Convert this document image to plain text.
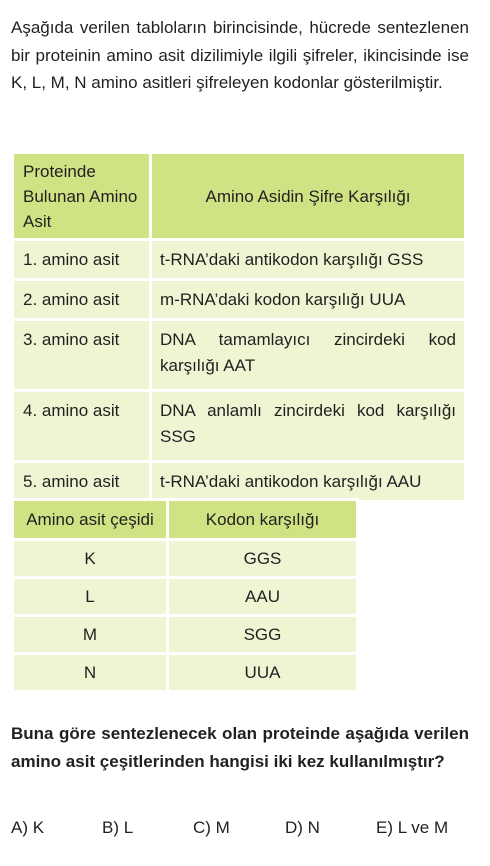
Aşağıda verilen tabloların birincisinde, hücrede sentezlenen bir proteinin amino asit dizilimiyle ilgili şifreler, ikincisinde ise K, L, M, N amino asitleri şifreleyen kodonlar gösterilmiştir.

Proteinde Bulunan Amino Asit	Amino Asidin Şifre Karşılığı
1. amino asit	t-RNA’daki antikodon karşılığı GSS
2. amino asit	m-RNA’daki kodon karşılığı UUA
3. amino asit	DNA tamamlayıcı zincirdeki kod karşılığı AAT
4. amino asit	DNA anlamlı zincirdeki kod karşılığı SSG
5. amino asit	t-RNA’daki antikodon karşılığı AAU
Amino asit çeşidi	Kodon karşılığı
K	GGS
L	AAU
M	SGG
N	UUA

Buna göre sentezlenecek olan proteinde aşağıda verilen amino asit çeşitlerinden hangisi iki kez kullanılmıştır?

A) K	B) L	C) M	D) N	E) L ve M
